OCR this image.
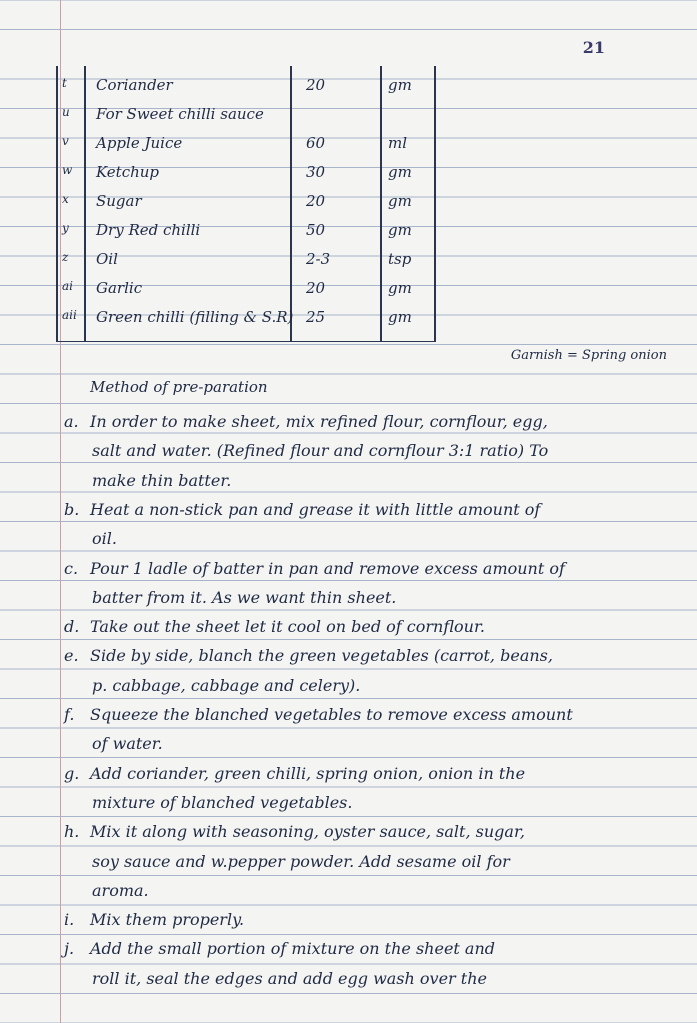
21
t Coriander	20	gm
u For Sweet chilli sauce
v Apple Juice	60	ml
w Ketchup	30	gm
x Sugar	20	gm
y Dry Red chilli	50	gm
z Oil	2-3	tsp
ai Garlic	20	gm
aii Green chilli (filling & S.R) 25	gm
Garnish = Spring onion
Method of pre-paration
a. In order to make sheet, mix refined flour, cornflour, egg,
salt and water. (Refined flour and cornflour 3:1 ratio) To
make thin batter.
b. Heat a non-stick pan and grease it with little amount of
oil.
c. Pour 1 ladle of batter in pan and remove excess amount of
batter from it. As we want thin sheet.
d. Take out the sheet let it cool on bed of cornflour.
e. Side by side, blanch the green vegetables (carrot, beans,
p. cabbage, cabbage and celery).
f. Squeeze the blanched vegetables to remove excess amount
of water.
g. Add coriander, green chilli, spring onion, onion in the
mixture of blanched vegetables.
h. Mix it along with seasoning, oyster sauce, salt, sugar,
soy sauce and w.pepper powder. Add sesame oil for
aroma.
i. Mix them properly.
j. Add the small portion of mixture on the sheet and
roll it, seal the edges and add egg wash over the
